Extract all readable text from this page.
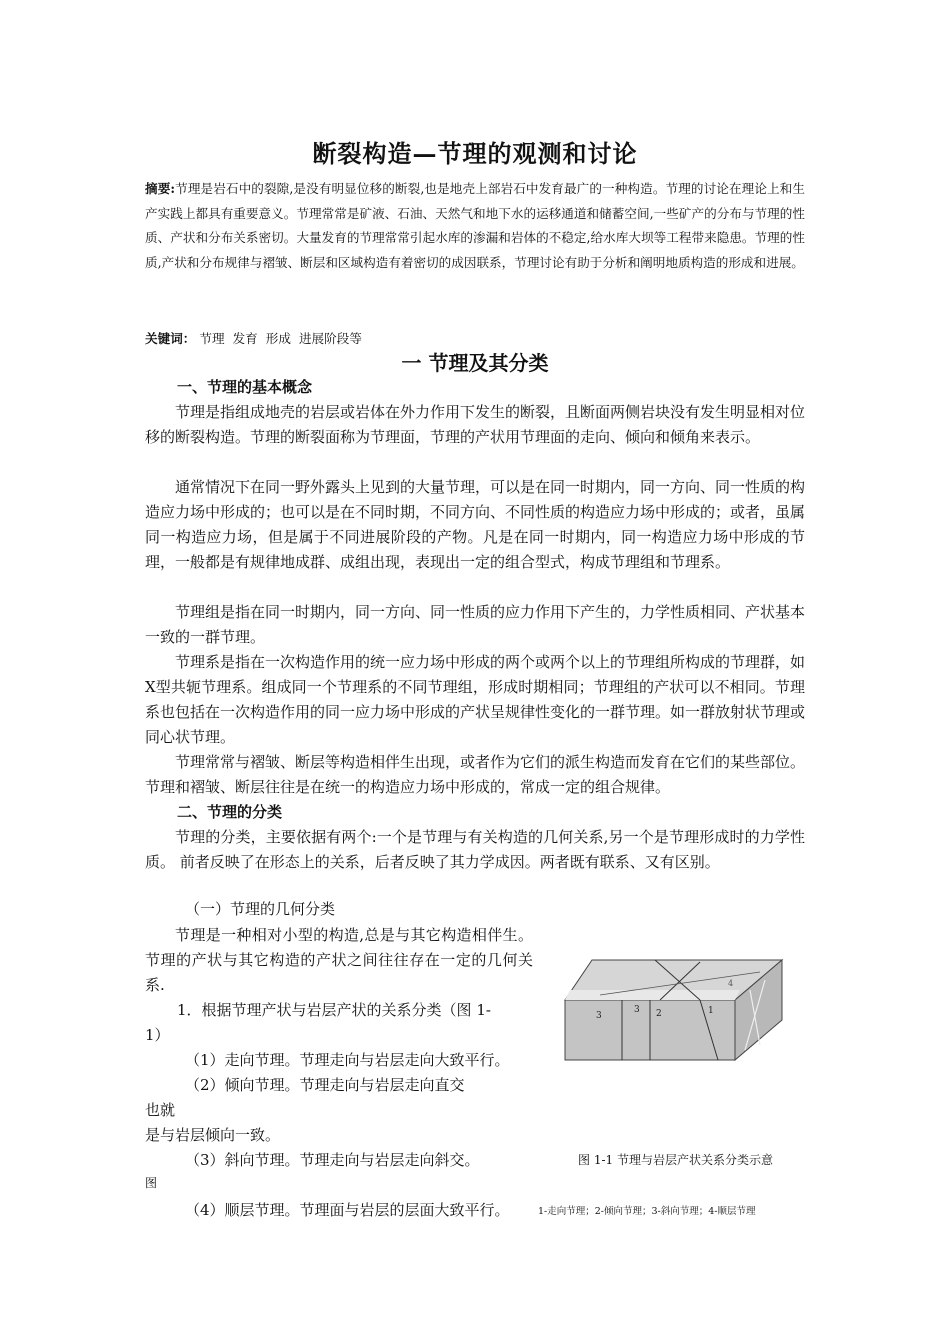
断裂构造—节理的观测和讨论
摘要:节理是岩石中的裂隙,是没有明显位移的断裂,也是地壳上部岩石中发育最广的一种构造。节理的讨论在理论上和生产实践上都具有重要意义。节理常常是矿液、石油、天然气和地下水的运移通道和储蓄空间,一些矿产的分布与节理的性质、产状和分布关系密切。大量发育的节理常常引起水库的渗漏和岩体的不稳定,给水库大坝等工程带来隐患。节理的性质,产状和分布规律与褶皱、断层和区域构造有着密切的成因联系，节理讨论有助于分析和阐明地质构造的形成和进展。
关键词： 节理 发育 形成 进展阶段等
一 节理及其分类
一、节理的基本概念
节理是指组成地壳的岩层或岩体在外力作用下发生的断裂，且断面两侧岩块没有发生明显相对位移的断裂构造。节理的断裂面称为节理面，节理的产状用节理面的走向、倾向和倾角来表示。
通常情况下在同一野外露头上见到的大量节理，可以是在同一时期内，同一方向、同一性质的构造应力场中形成的；也可以是在不同时期，不同方向、不同性质的构造应力场中形成的；或者，虽属同一构造应力场，但是属于不同进展阶段的产物。凡是在同一时期内，同一构造应力场中形成的节理，一般都是有规律地成群、成组出现，表现出一定的组合型式，构成节理组和节理系。
节理组是指在同一时期内，同一方向、同一性质的应力作用下产生的，力学性质相同、产状基本一致的一群节理。
节理系是指在一次构造作用的统一应力场中形成的两个或两个以上的节理组所构成的节理群，如Ⅹ型共轭节理系。组成同一个节理系的不同节理组，形成时期相同；节理组的产状可以不相同。节理系也包括在一次构造作用的同一应力场中形成的产状呈规律性变化的一群节理。如一群放射状节理或同心状节理。
节理常常与褶皱、断层等构造相伴生出现，或者作为它们的派生构造而发育在它们的某些部位。节理和褶皱、断层往往是在统一的构造应力场中形成的，常成一定的组合规律。
二、节理的分类
节理的分类，主要依据有两个:一个是节理与有关构造的几何关系,另一个是节理形成时的力学性质。 前者反映了在形态上的关系，后者反映了其力学成因。两者既有联系、又有区别。
（一）节理的几何分类
节理是一种相对小型的构造,总是与其它构造相伴生。节理的产状与其它构造的产状之间往往存在一定的几何关系.
1．根据节理产状与岩层产状的关系分类（图 1-
1）
（1）走向节理。节理走向与岩层走向大致平行。
（2）倾向节理。节理走向与岩层走向直交
也就
是与岩层倾向一致。
（3）斜向节理。节理走向与岩层走向斜交。
（4）顺层节理。节理面与岩层的层面大致平行。
3
3 2	1
4
图 1-1 节理与岩层产状关系分类示意
图
1-走向节理；2-倾向节理；3-斜向节理；4-顺层节理
